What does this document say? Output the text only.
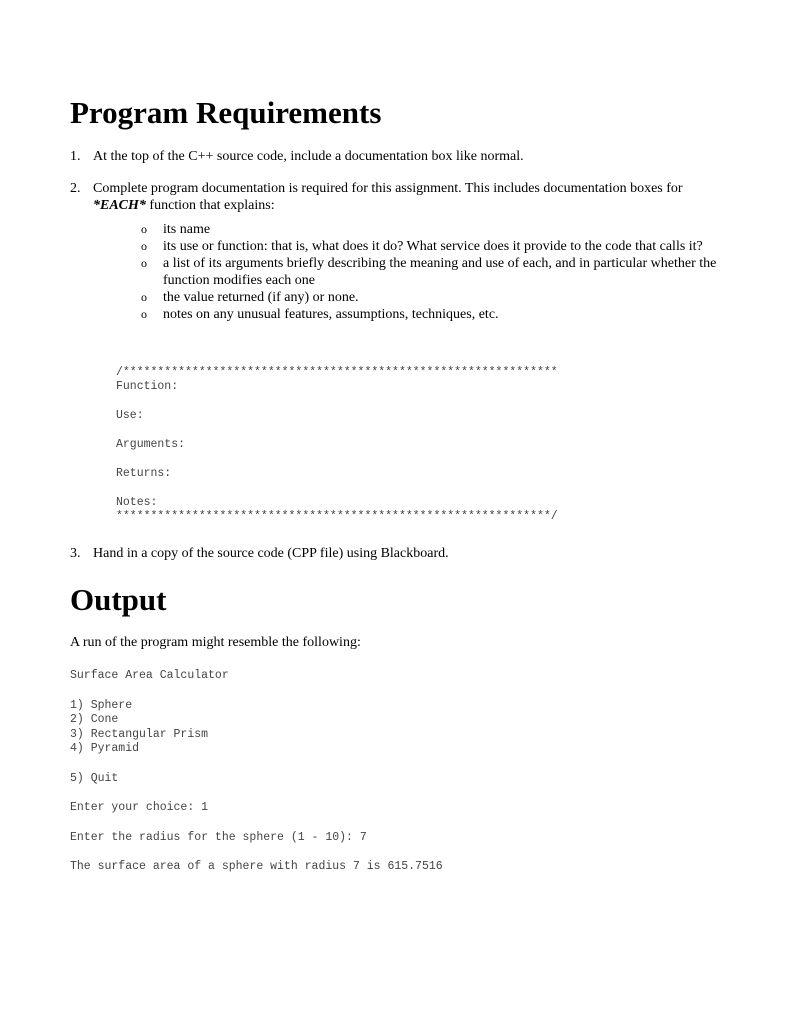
Program Requirements
1. At the top of the C++ source code, include a documentation box like normal.
2. Complete program documentation is required for this assignment. This includes documentation boxes for *EACH* function that explains:
o its name
o its use or function: that is, what does it do? What service does it provide to the code that calls it?
o a list of its arguments briefly describing the meaning and use of each, and in particular whether the function modifies each one
o the value returned (if any) or none.
o notes on any unusual features, assumptions, techniques, etc.
/***************************************************************
Function:
Use:
Arguments:
Returns:
Notes:
***************************************************************/
3. Hand in a copy of the source code (CPP file) using Blackboard.
Output
A run of the program might resemble the following:
Surface Area Calculator
1) Sphere
2) Cone
3) Rectangular Prism
4) Pyramid
5) Quit
Enter your choice: 1
Enter the radius for the sphere (1 - 10): 7
The surface area of a sphere with radius 7 is 615.7516
